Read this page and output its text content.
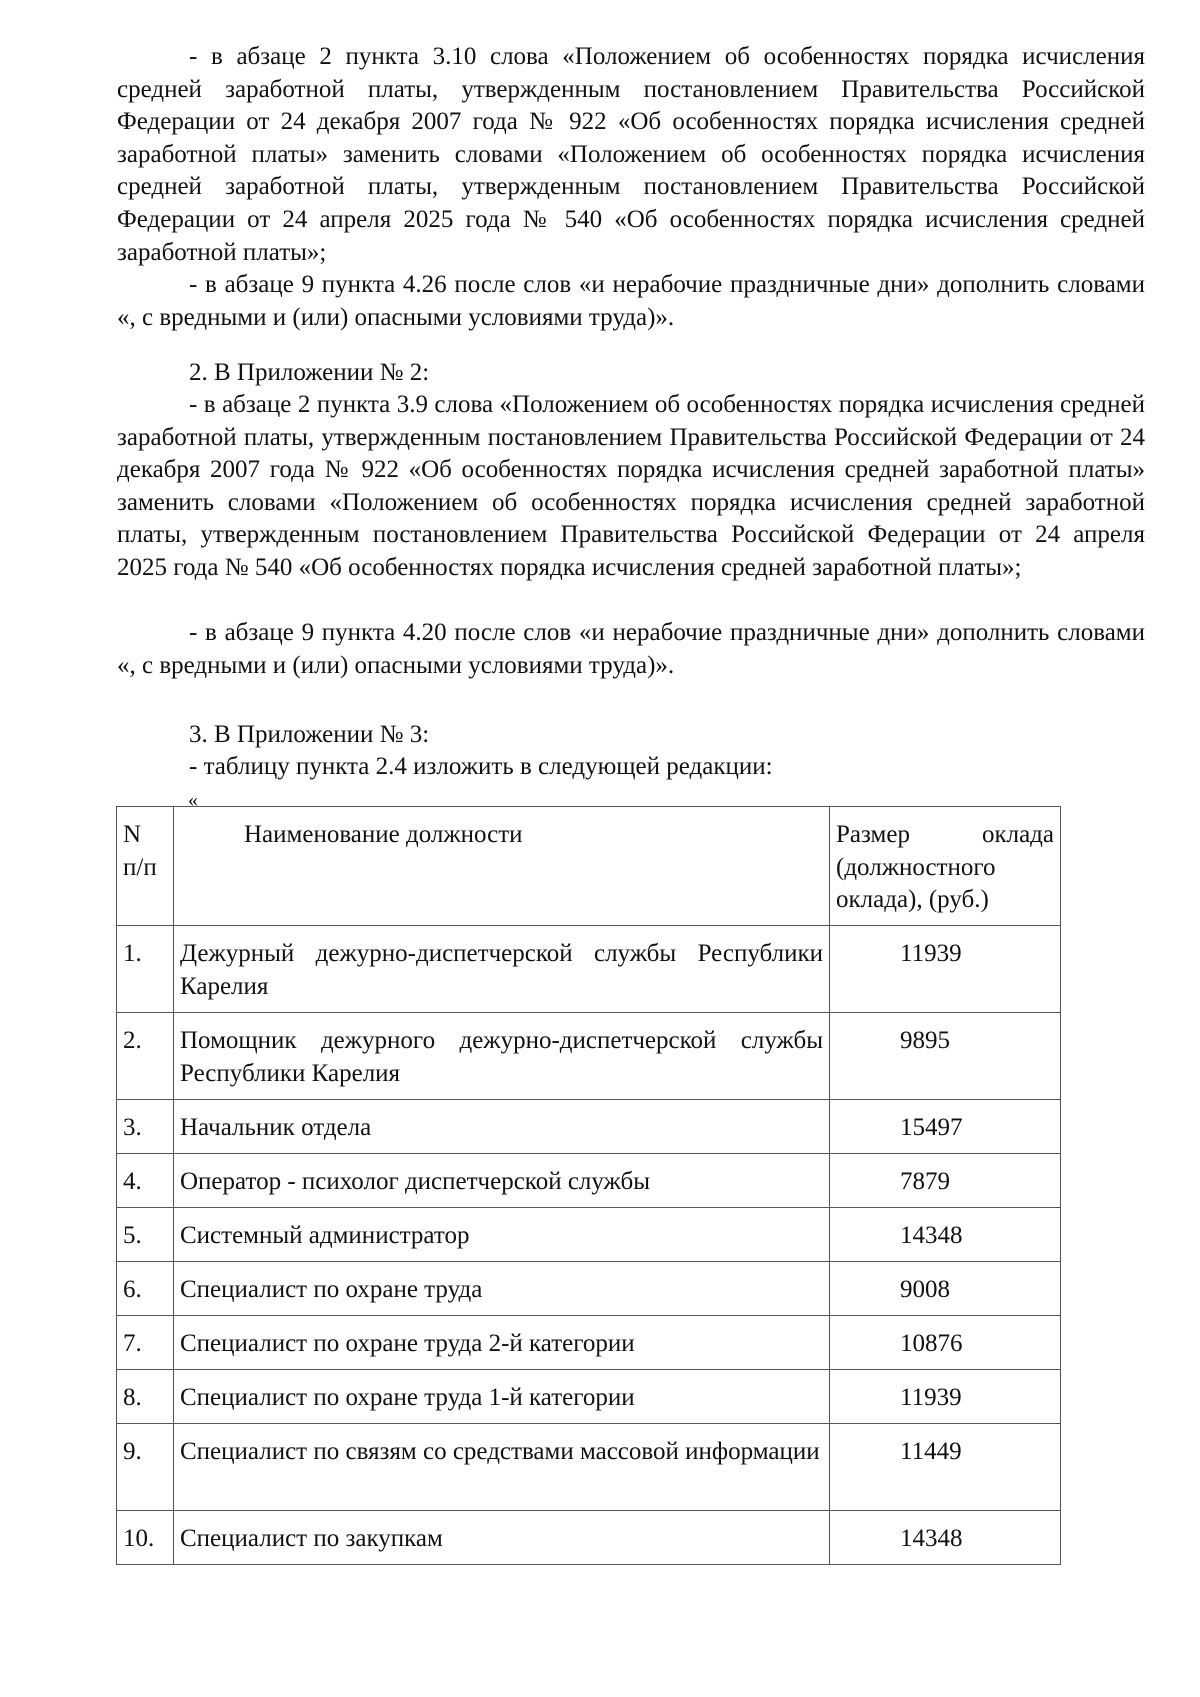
- в абзаце 2 пункта 3.10 слова «Положением об особенностях порядка исчисления средней заработной платы, утвержденным постановлением Правительства Российской Федерации от 24 декабря 2007 года № 922 «Об особенностях порядка исчисления средней заработной платы» заменить словами «Положением об особенностях порядка исчисления средней заработной платы, утвержденным постановлением Правительства Российской Федерации от 24 апреля 2025 года № 540 «Об особенностях порядка исчисления средней заработной платы»;

- в абзаце 9 пункта 4.26 после слов «и нерабочие праздничные дни» дополнить словами «, с вредными и (или) опасными условиями труда)».

2. В Приложении № 2:

- в абзаце 2 пункта 3.9 слова «Положением об особенностях порядка исчисления средней заработной платы, утвержденным постановлением Правительства Российской Федерации от 24 декабря 2007 года № 922 «Об особенностях порядка исчисления средней заработной платы» заменить словами «Положением об особенностях порядка исчисления средней заработной платы, утвержденным постановлением Правительства Российской Федерации от 24 апреля 2025 года № 540 «Об особенностях порядка исчисления средней заработной платы»;

- в абзаце 9 пункта 4.20 после слов «и нерабочие праздничные дни» дополнить словами «, с вредными и (или) опасными условиями труда)».

3. В Приложении № 3:

- таблицу пункта 2.4 изложить в следующей редакции:

«

N п/п	Наименование должности	Размер оклада (должностного оклада), (руб.)
1.	Дежурный дежурно-диспетчерской службы Республики Карелия	11939
2.	Помощник дежурного дежурно-диспетчерской службы Республики Карелия	9895
3.	Начальник отдела	15497
4.	Оператор - психолог диспетчерской службы	7879
5.	Системный администратор	14348
6.	Специалист по охране труда	9008
7.	Специалист по охране труда 2-й категории	10876
8.	Специалист по охране труда 1-й категории	11939
9.	Специалист по связям со средствами массовой информации	11449
10.	Специалист по закупкам	14348
